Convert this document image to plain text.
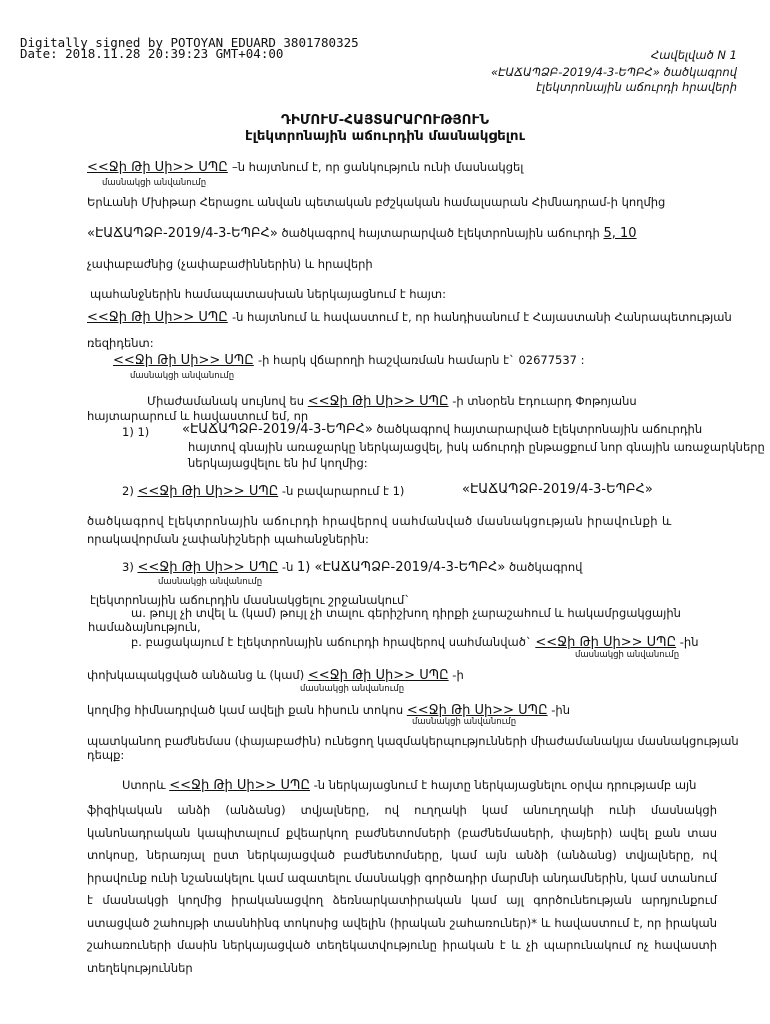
Digitally signed by POTOYAN EDUARD 3801780325
Date: 2018.11.28 20:39:23 GMT+04:00	Հավելված N 1
«ԷԱՃԱՊՁԲ-2019/4-3-ԵՊԲՀ» ծածկագրով
էլեկտրոնային աճուրդի հրավերի
ԴԻՄՈՒՄ-ՀԱՅՏԱՐԱՐՈՒԹՅՈՒՆ
էլեկտրոնային աճուրդին մասնակցելու
<<Ջի Թի Սի>> ՍՊԸ –ն հայտնում է, որ ցանկություն ունի մասնակցել
մասնակցի անվանումը
Երևանի Մխիթար Հերացու անվան պետական բժշկական համալսարան Հիմնադրամ-ի կողմից
«ԷԱՃԱՊՁԲ-2019/4-3-ԵՊԲՀ» ծածկագրով հայտարարված էլեկտրոնային աճուրդի 5, 10
չափաբաժնից (չափաբաժիններին) և հրավերի
պահանջներին համապատասխան ներկայացնում է հայտ:
<<Ջի Թի Սի>> ՍՊԸ -ն հայտնում և հավաստում է, որ հանդիսանում է Հայաստանի Հանրապետության
ռեզիդենտ:
<<Ջի Թի Սի>> ՍՊԸ -ի հարկ վճարողի հաշվառման համարն է` 02677537 :
մասնակցի անվանումը
Միաժամանակ սույնով ես <<Ջի Թի Սի>> ՍՊԸ -ի տնօրեն Էդուարդ Փոթոյանս
հայտարարում և հավաստում եմ, որ
1) 1)	«ԷԱՃԱՊՁԲ-2019/4-3-ԵՊԲՀ» ծածկագրով հայտարարված էլեկտրոնային աճուրդին
հայտով գնային առաջարկը ներկայացվել, իսկ աճուրդի ընթացքում նոր գնային առաջարկները
ներկայացվելու են իմ կողմից:
2) <<Ջի Թի Սի>> ՍՊԸ -ն բավարարում է 1)	«ԷԱՃԱՊՁԲ-2019/4-3-ԵՊԲՀ»
ծածկագրով էլեկտրոնային աճուրդի հրավերով սահմանված մասնակցության իրավունքի և
որակավորման չափանիշների պահանջներին:
3) <<Ջի Թի Սի>> ՍՊԸ -ն 1) «ԷԱՃԱՊՁԲ-2019/4-3-ԵՊԲՀ» ծածկագրով
մասնակցի անվանումը
էլեկտրոնային աճուրդին մասնակցելու շրջանակում`
ա. թույլ չի տվել և (կամ) թույլ չի տալու գերիշխող դիրքի չարաշահում և հակամրցակցային
համաձայնություն,
բ. բացակայում է էլեկտրոնային աճուրդի հրավերով սահմանված` <<Ջի Թի Սի>> ՍՊԸ -ին
մասնակցի անվանումը
փոխկապակցված անձանց և (կամ) <<Ջի Թի Սի>> ՍՊԸ -ի
մասնակցի անվանումը
կողմից հիմնադրված կամ ավելի քան հիսուն տոկոս <<Ջի Թի Սի>> ՍՊԸ -ին
մասնակցի անվանումը
պատկանող բաժնեմաս (փայաբաժին) ունեցող կազմակերպությունների միաժամանակյա մասնակցության
դեպք:
Ստորև <<Ջի Թի Սի>> ՍՊԸ -ն ներկայացնում է հայտը ներկայացնելու օրվա դրությամբ այն
ֆիզիկական անձի (անձանց) տվյալները, ով ուղղակի կամ անուղղակի ունի մասնակցի կանոնադրական կապիտալում քվեարկող բաժնետոմսերի (բաժնեմասերի, փայերի) ավել քան տաս տոկոսը, ներառյալ ըստ ներկայացված բաժնետոմսերը, կամ այն անձի (անձանց) տվյալները, ով իրավունք ունի նշանակելու կամ ազատելու մասնակցի գործադիր մարմնի անդամներին, կամ ստանում է մասնակցի կողմից իրականացվող ձեռնարկատիրական կամ այլ գործունեության արդյունքում ստացված շահույթի տասնհինգ տոկոսից ավելին (իրական շահառուներ)* և հավաստում է, որ իրական շահառուների մասին ներկայացված տեղեկատվությունը իրական է և չի պարունակում ոչ հավաստի տեղեկություններ
